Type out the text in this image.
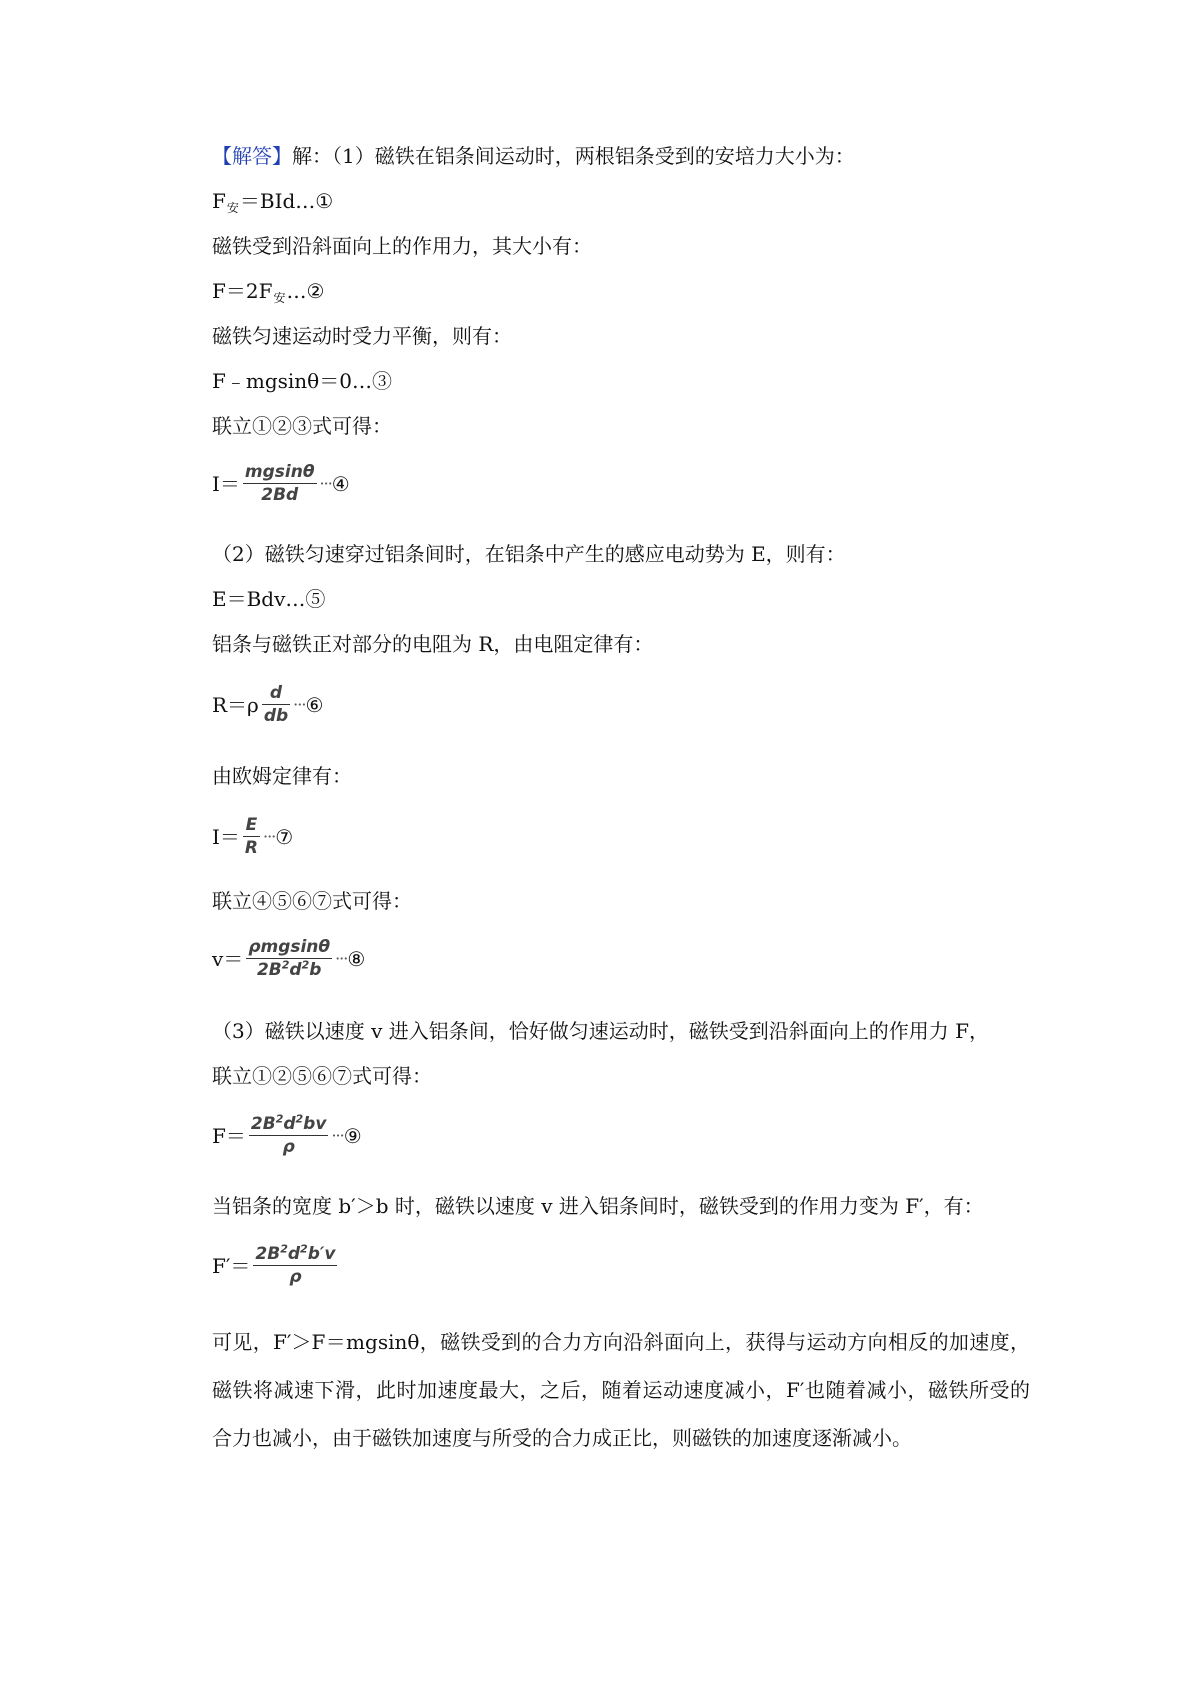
【解答】解：（1）磁铁在铝条间运动时，两根铝条受到的安培力大小为：
$F_安=BId\dots ①$
磁铁受到沿斜面向上的作用力，其大小有：
$F=2F_安\dots ②$
磁铁匀速运动时受力平衡，则有：
F﹣mgsinθ＝0…③
联立①②③式可得：
$I= \frac{mgsin\theta}{2Bd}$ ··· ④
（2）磁铁匀速穿过铝条间时，在铝条中产生的感应电动势为 E，则有：
E＝Bdv…⑤
铝条与磁铁正对部分的电阻为 R，由电阻定律有：
$R=\rho \frac{d}{db}$ ··· ⑥
由欧姆定律有：
$I= \frac{E}{R}$ ··· ⑦
联立④⑤⑥⑦式可得：
$v= \frac{\text{ρmgsinθ}}{2B^2d^2b}$ ··· ⑧
（3）磁铁以速度 v 进入铝条间，恰好做匀速运动时，磁铁受到沿斜面向上的作用力 F，
联立①②⑤⑥⑦式可得：
$F= \frac{2B^2d^2bv}{\rho}$ ··· ⑨
当铝条的宽度 b′＞b 时，磁铁以速度 v 进入铝条间时，磁铁受到的作用力变为 F′，有：
$F'= \frac{2B^2d^2b'v}{\rho}$
可见，F′＞F＝mgsinθ，磁铁受到的合力方向沿斜面向上，获得与运动方向相反的加速度，磁铁将减速下滑，此时加速度最大，之后，随着运动速度减小，F′也随着减小，磁铁所受的合力也减小，由于磁铁加速度与所受的合力成正比，则磁铁的加速度逐渐减小。
